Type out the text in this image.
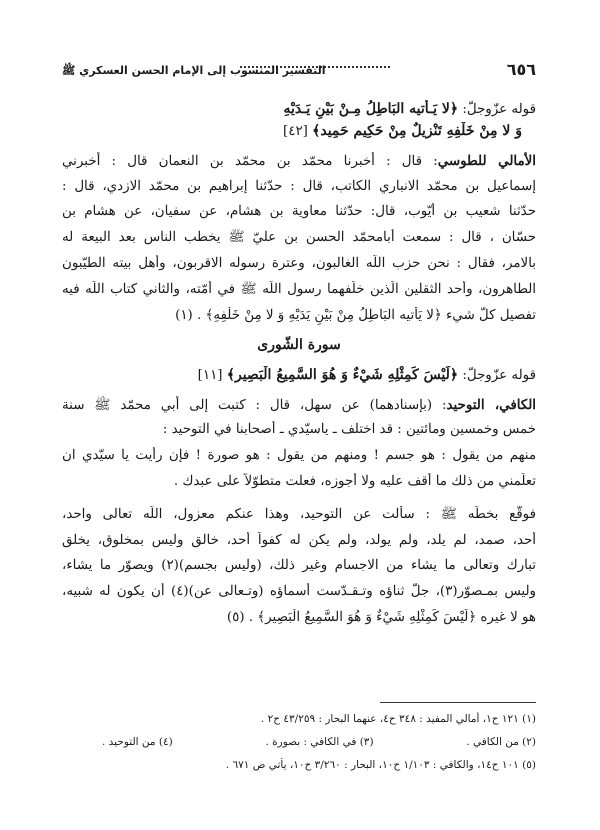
٦٥٦
التفسير المنسوب إلى الإمام الحسن العسكري ﷺ
قوله عزّوجلّ: ﴿لا يَـأتيه البَاطِلُ مِـنْ بَيْنِ يَـدَيْهِ
وَ لا مِنْ خَلْفِهِ تَنْزيلٌ مِنْ حَكِيم حَمِيد﴾ [٤٢]
الأمالي للطوسي: قال : أخبرنا محمّد بن محمّد بن النعمان قال : أخبرني
إسماعيل بن محمّد الانباري الكاتب، قال : حدّثنا إبراهيم بن محمّد الازدي، قال :
حدّثنا شعيب بن أيّوب، قال: حدّثنا معاوية بن هشام، عن سفيان، عن هشام بن
حسّان ، قال : سمعت أبامحمّد الحسن بن عليّ ﷺ يخطب الناس بعد البيعة له
بالامر، فقال : نحن حزب اللّه الغالبون، وعترة رسوله الاقربون، وأهل بيته الطيّبون
الطاهرون، وأحد الثقلين الّذين خلّفهما رسول اللّه ﷺ في أمّته، والثاني كتاب اللّه فيه
تفصيل كلّ شيء ﴿لا يَأتيه البَاطِلُ مِنْ بَيْنِ يَدَيْهِ وَ لا مِنْ خَلْفِهِ﴾ . (١)
سورة الشّورى
قوله عزّوجلّ: ﴿لَيْسَ كَمِثْلِهِ شَيْءٌ وَ هُوَ السَّمِيعُ الْبَصِير﴾ [١١]
الكافي، التوحيد: (بإسنادهما) عن سهل، قال : كتبت إلى أبي محمّد ﷺ سنة
خمس وخمسين ومائتين : قد اختلف ـ ياسيّدي ـ أصحابنا في التوحيد :
منهم من يقول : هو جسم ! ومنهم من يقول : هو صورة ! فإن رأيت يا سيّدي ان
تعلّمني من ذلك ما أقف عليه ولا أجوزه، فعلت متطوّلاً على عبدك .
فوقّع بخطّه ﷺ : سألت عن التوحيد، وهذا عنكم معزول، اللّه تعالى واحد،
أحد، صمد، لم يلد، ولم يولد، ولم يكن له كفواً أحد، خالق وليس بمخلوق، يخلق
تبارك وتعالى ما يشاء من الاجسام وغير ذلك، (وليس بجسم)(٢) ويصوّر ما يشاء،
وليس بمـصوّر(٣)، جلّ ثناؤه وتـقـدّست أسماؤه (وتـعالى عن)(٤) أن يكون له شبيه،
هو لا غيره ﴿لَيْسَ كَمِثْلِهِ شَيْءٌ وَ هُوَ السَّمِيعُ الْبَصِير﴾ . (٥)
(١) ١٢١ ح١، أمالي المفيد : ٣٤٨ ح٤، عنهما البحار : ٤٣/٢٥٩ ح٢ .
(٢) من الكافي .
(٣) في الكافي : بصورة .
(٤) من التوحيد .
(٥) ١٠١ ح١٤، والكافي : ١/١٠٣ ح١٠، البحار : ٣/٢٦٠ ح١٠، يأتي ص ٦٧١ .
